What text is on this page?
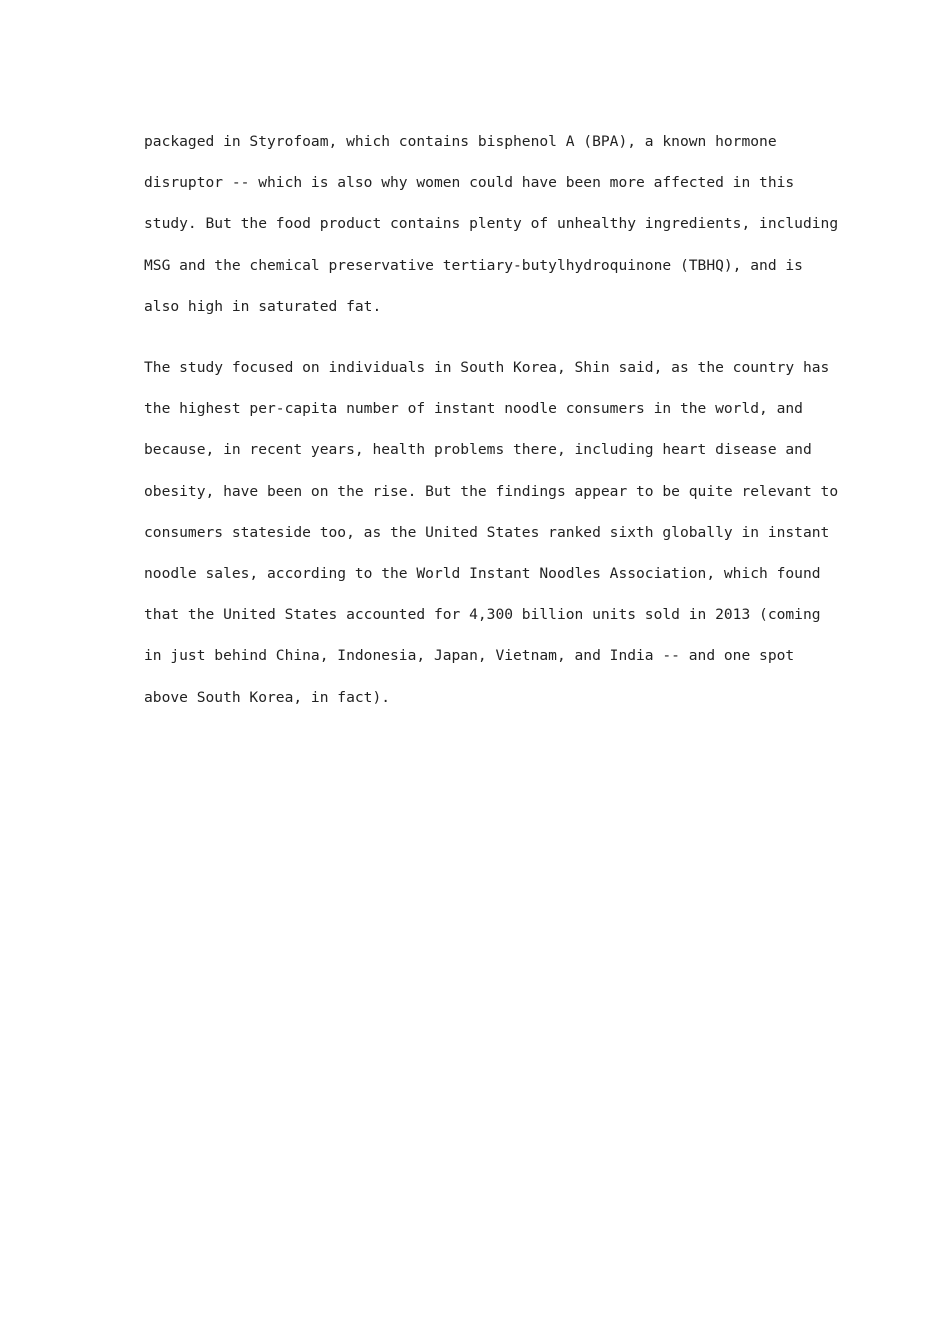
packaged in Styrofoam, which contains bisphenol A (BPA), a known hormone
disruptor -- which is also why women could have been more affected in this
study. But the food product contains plenty of unhealthy ingredients, including
MSG and the chemical preservative tertiary-butylhydroquinone (TBHQ), and is
also high in saturated fat.

The study focused on individuals in South Korea, Shin said, as the country has
the highest per-capita number of instant noodle consumers in the world, and
because, in recent years, health problems there, including heart disease and
obesity, have been on the rise. But the findings appear to be quite relevant to
consumers stateside too, as the United States ranked sixth globally in instant
noodle sales, according to the World Instant Noodles Association, which found
that the United States accounted for 4,300 billion units sold in 2013 (coming
in just behind China, Indonesia, Japan, Vietnam, and India -- and one spot
above South Korea, in fact).
